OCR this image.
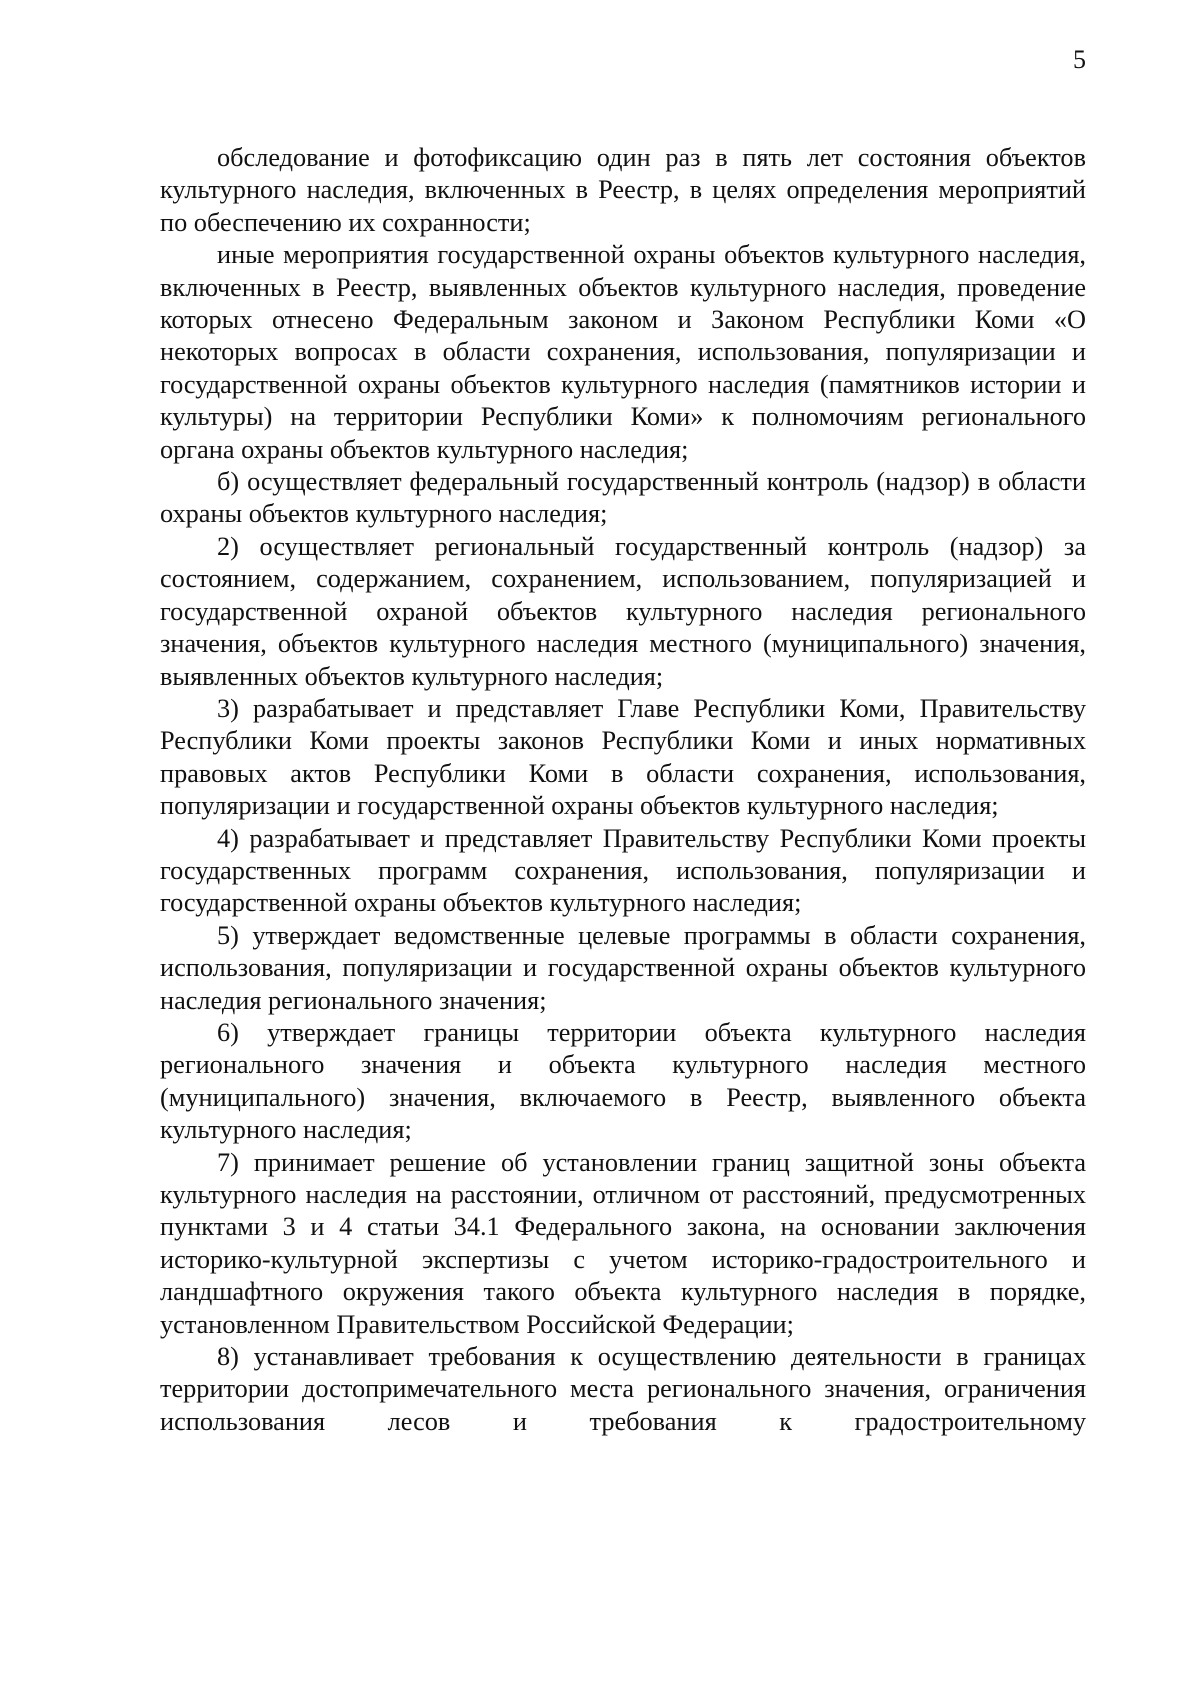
5

обследование и фотофиксацию один раз в пять лет состояния объектов культурного наследия, включенных в Реестр, в целях определения мероприятий по обеспечению их сохранности;

иные мероприятия государственной охраны объектов культурного наследия, включенных в Реестр, выявленных объектов культурного наследия, проведение которых отнесено Федеральным законом и Законом Республики Коми «О некоторых вопросах в области сохранения, использования, популяризации и государственной охраны объектов культурного наследия (памятников истории и культуры) на территории Республики Коми» к полномочиям регионального органа охраны объектов культурного наследия;

б) осуществляет федеральный государственный контроль (надзор) в области охраны объектов культурного наследия;

2) осуществляет региональный государственный контроль (надзор) за состоянием, содержанием, сохранением, использованием, популяризацией и государственной охраной объектов культурного наследия регионального значения, объектов культурного наследия местного (муниципального) значения, выявленных объектов культурного наследия;

3) разрабатывает и представляет Главе Республики Коми, Правительству Республики Коми проекты законов Республики Коми и иных нормативных правовых актов Республики Коми в области сохранения, использования, популяризации и государственной охраны объектов культурного наследия;

4) разрабатывает и представляет Правительству Республики Коми проекты государственных программ сохранения, использования, популяризации и государственной охраны объектов культурного наследия;

5) утверждает ведомственные целевые программы в области сохранения, использования, популяризации и государственной охраны объектов культурного наследия регионального значения;

6) утверждает границы территории объекта культурного наследия регионального значения и объекта культурного наследия местного (муниципального) значения, включаемого в Реестр, выявленного объекта культурного наследия;

7) принимает решение об установлении границ защитной зоны объекта культурного наследия на расстоянии, отличном от расстояний, предусмотренных пунктами 3 и 4 статьи 34.1 Федерального закона, на основании заключения историко-культурной экспертизы с учетом историко-градостроительного и ландшафтного окружения такого объекта культурного наследия в порядке, установленном Правительством Российской Федерации;

8) устанавливает требования к осуществлению деятельности в границах территории достопримечательного места регионального значения, ограничения использования лесов и требования к градостроительному
